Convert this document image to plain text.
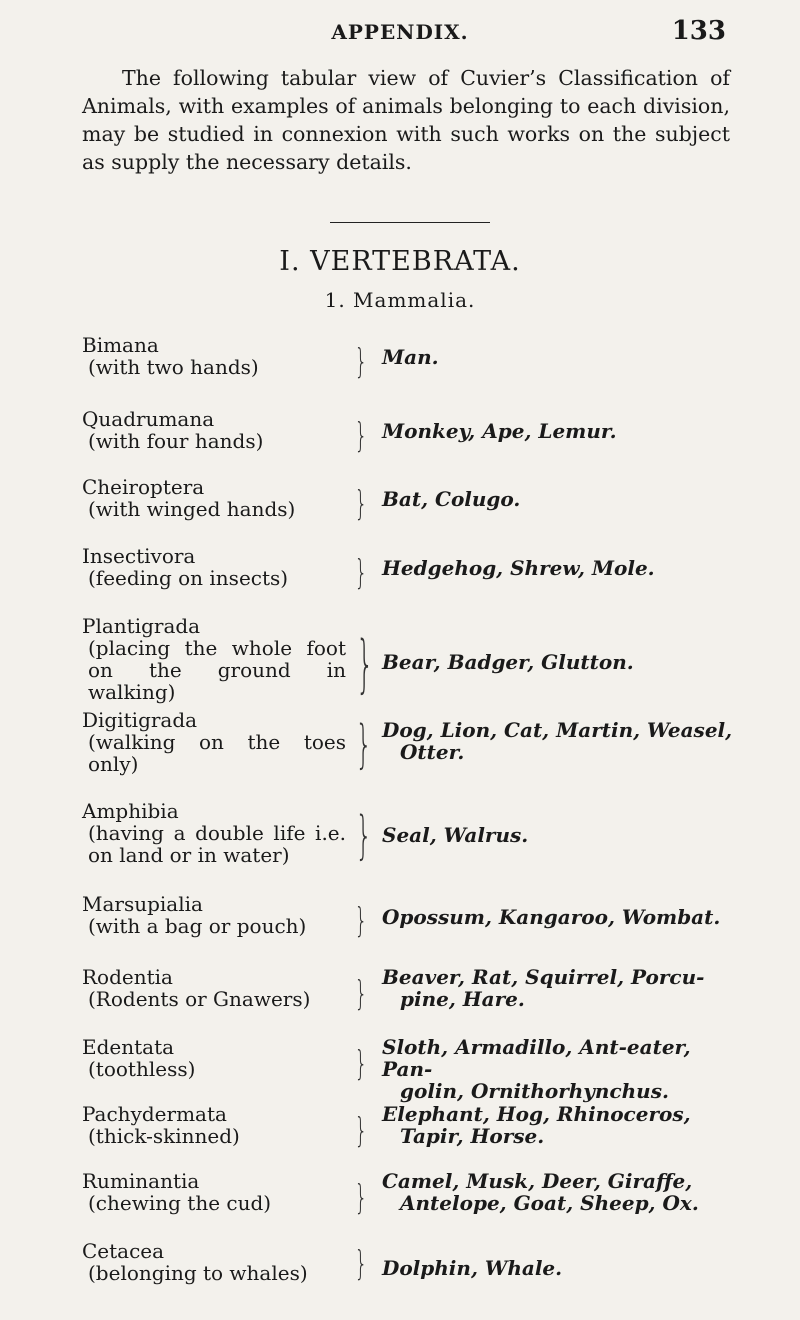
APPENDIX.	133
The following tabular view of Cuvier’s Classification of Animals, with examples of animals belonging to each division, may be studied in connexion with such works on the subject as supply the necessary details.
I. VERTEBRATA.
1. Mammalia.
Bimana
(with two hands)	} Man.
Quadrumana
(with four hands)	} Monkey, Ape, Lemur.
Cheiroptera
(with winged hands)	} Bat, Colugo.
Insectivora
(feeding on insects)	} Hedgehog, Shrew, Mole.
Plantigrada
(placing the whole foot on the ground in walking)	} Bear, Badger, Glutton.
Digitigrada
(walking on the toes only)	} Dog, Lion, Cat, Martin, Weasel,
Otter.
Amphibia
(having a double life i.e. on land or in water)	} Seal, Walrus.
Marsupialia
(with a bag or pouch)	} Opossum, Kangaroo, Wombat.
Rodentia
(Rodents or Gnawers)	} Beaver, Rat, Squirrel, Porcu-
pine, Hare.
Edentata
(toothless)	} Sloth, Armadillo, Ant-eater, Pan-
golin, Ornithorhynchus.
Pachydermata
(thick-skinned)	} Elephant, Hog, Rhinoceros,
Tapir, Horse.
Ruminantia
(chewing the cud)	} Camel, Musk, Deer, Giraffe,
Antelope, Goat, Sheep, Ox.
Cetacea
(belonging to whales)	} Dolphin, Whale.
